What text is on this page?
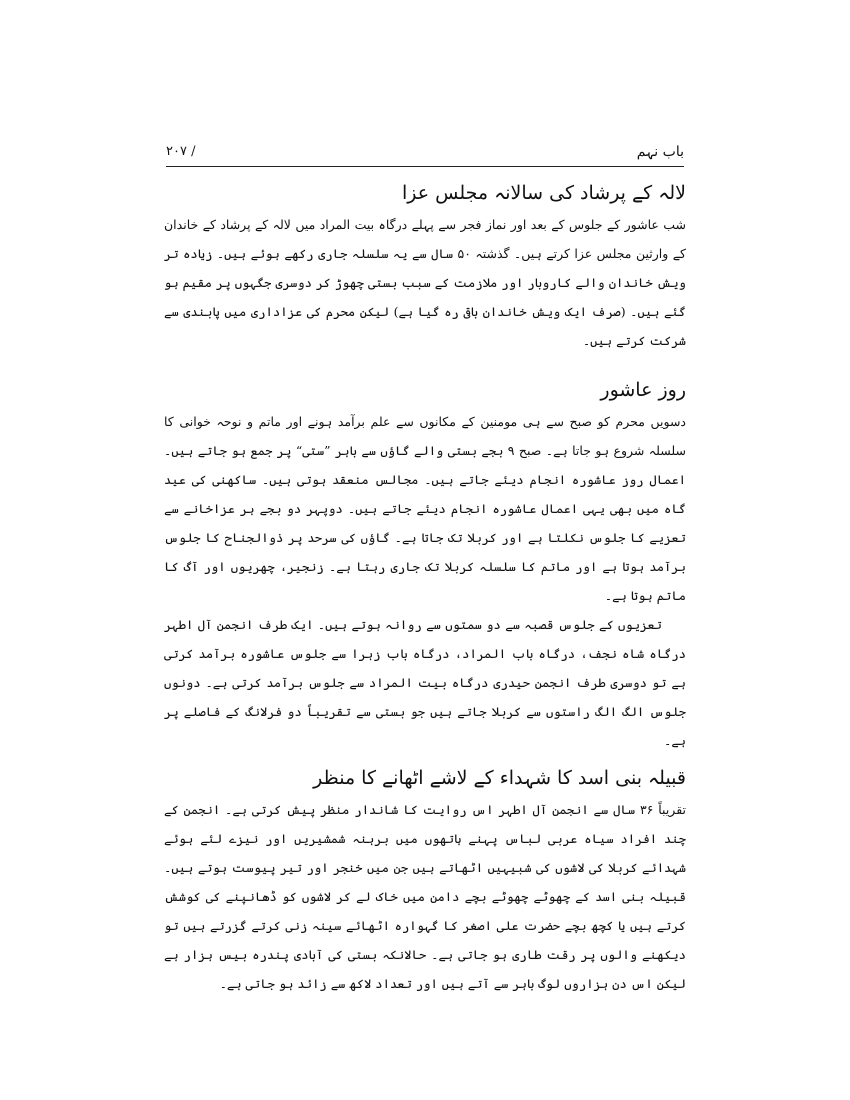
باب نہم
۲۰۷ /
لالہ کے پرشاد کی سالانہ مجلس عزا

شب عاشور کے جلوس کے بعد اور نماز فجر سے پہلے درگاہ بیت المراد میں لالہ کے پرشاد کے خاندان کے وارثین مجلس عزا کرتے ہیں۔ گذشتہ ۵۰ سال سے یہ سلسلہ جاری رکھے ہوئے ہیں۔ زیادہ تر ویش خاندان والے کاروبار اور ملازمت کے سبب بستی چھوڑ کر دوسری جگہوں پر مقیم ہو گئے ہیں۔ (صرف ایک ویش خاندان باقی رہ گیا ہے) لیکن محرم کی عزاداری میں پابندی سے شرکت کرتے ہیں۔

روز عاشور

دسویں محرم کو صبح سے ہی مومنین کے مکانوں سے علم برآمد ہونے اور ماتم و نوحہ خوانی کا سلسلہ شروع ہو جاتا ہے۔ صبح ۹ بجے بستی والے گاؤں سے باہر ”ستی“ پر جمع ہو جاتے ہیں۔ اعمال روز عاشورہ انجام دیئے جاتے ہیں۔ مجالس منعقد ہوتی ہیں۔ ساکھنی کی عید گاہ میں بھی یہی اعمال عاشورہ انجام دیئے جاتے ہیں۔ دوپہر دو بجے ہر عزاخانے سے تعزیے کا جلوس نکلتا ہے اور کربلا تک جاتا ہے۔ گاؤں کی سرحد پر ذوالجناح کا جلوس برآمد ہوتا ہے اور ماتم کا سلسلہ کربلا تک جاری رہتا ہے۔ زنجیر، چھریوں اور آگ کا ماتم ہوتا ہے۔

تعزیوں کے جلوس قصبہ سے دو سمتوں سے روانہ ہوتے ہیں۔ ایک طرف انجمن آل اطہر درگاہ شاہ نجف، درگاہ باب المراد، درگاہ باب زہرا سے جلوس عاشورہ برآمد کرتی ہے تو دوسری طرف انجمن حیدری درگاہ بیت المراد سے جلوس برآمد کرتی ہے۔ دونوں جلوس الگ الگ راستوں سے کربلا جاتے ہیں جو بستی سے تقریباً دو فرلانگ کے فاصلے پر ہے۔

قبیلہ بنی اسد کا شہداء کے لاشے اٹھانے کا منظر

تقریباً ۳۶ سال سے انجمن آل اطہر اس روایت کا شاندار منظر پیش کرتی ہے۔ انجمن کے چند افراد سیاہ عربی لباس پہنے ہاتھوں میں برہنہ شمشیریں اور نیزے لئے ہوئے شہدائے کربلا کی لاشوں کی شبیہیں اٹھاتے ہیں جن میں خنجر اور تیر پیوست ہوتے ہیں۔ قبیلہ بنی اسد کے چھوٹے چھوٹے بچے دامن میں خاک لے کر لاشوں کو ڈھانپنے کی کوشش کرتے ہیں یا کچھ بچے حضرت علی اصغر کا گہوارہ اٹھائے سینہ زنی کرتے گزرتے ہیں تو دیکھنے والوں پر رقت طاری ہو جاتی ہے۔ حالانکہ بستی کی آبادی پندرہ بیس ہزار ہے لیکن اس دن ہزاروں لوگ باہر سے آتے ہیں اور تعداد لاکھ سے زائد ہو جاتی ہے۔
